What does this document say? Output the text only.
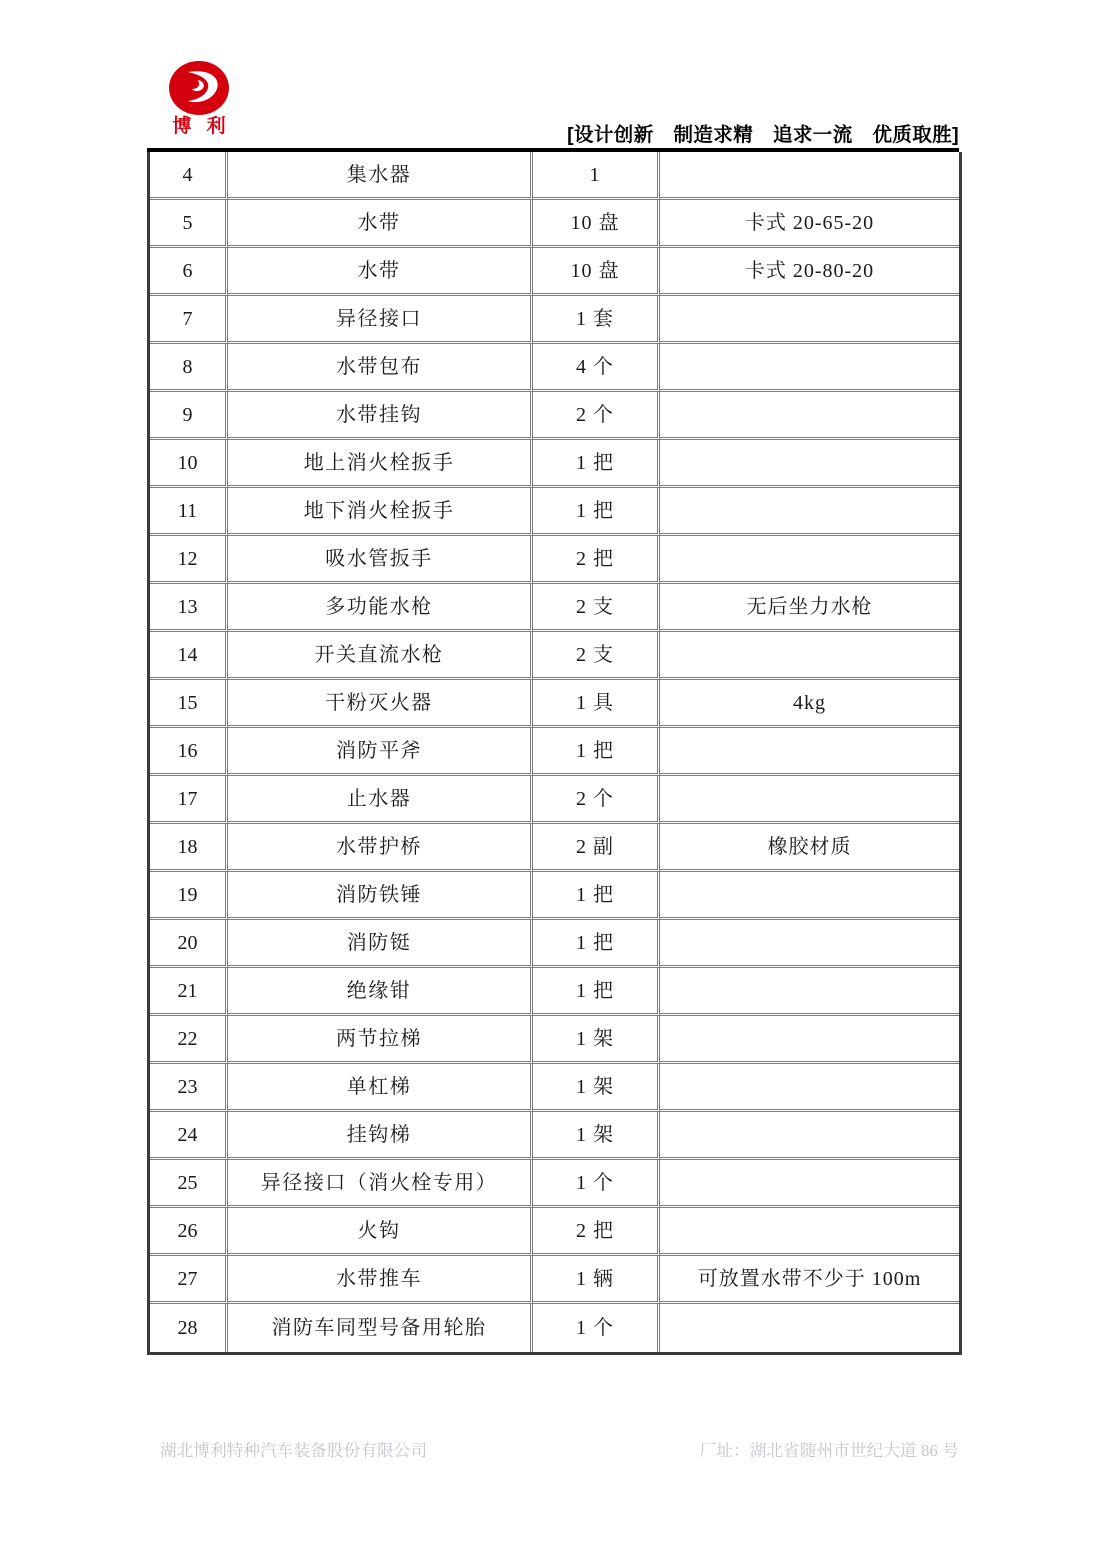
博 利	[设计创新　制造求精　追求一流　优质取胜]
4	集水器	1	
5	水带	10 盘	卡式 20-65-20
6	水带	10 盘	卡式 20-80-20
7	异径接口	1 套	
8	水带包布	4 个	
9	水带挂钩	2 个	
10	地上消火栓扳手	1 把	
11	地下消火栓扳手	1 把	
12	吸水管扳手	2 把	
13	多功能水枪	2 支	无后坐力水枪
14	开关直流水枪	2 支	
15	干粉灭火器	1 具	4kg
16	消防平斧	1 把	
17	止水器	2 个	
18	水带护桥	2 副	橡胶材质
19	消防铁锤	1 把	
20	消防铤	1 把	
21	绝缘钳	1 把	
22	两节拉梯	1 架	
23	单杠梯	1 架	
24	挂钩梯	1 架	
25	异径接口（消火栓专用）	1 个	
26	火钩	2 把	
27	水带推车	1 辆	可放置水带不少于 100m
28	消防车同型号备用轮胎	1 个	
湖北博利特种汽车装备股份有限公司	厂址：湖北省随州市世纪大道 86 号
